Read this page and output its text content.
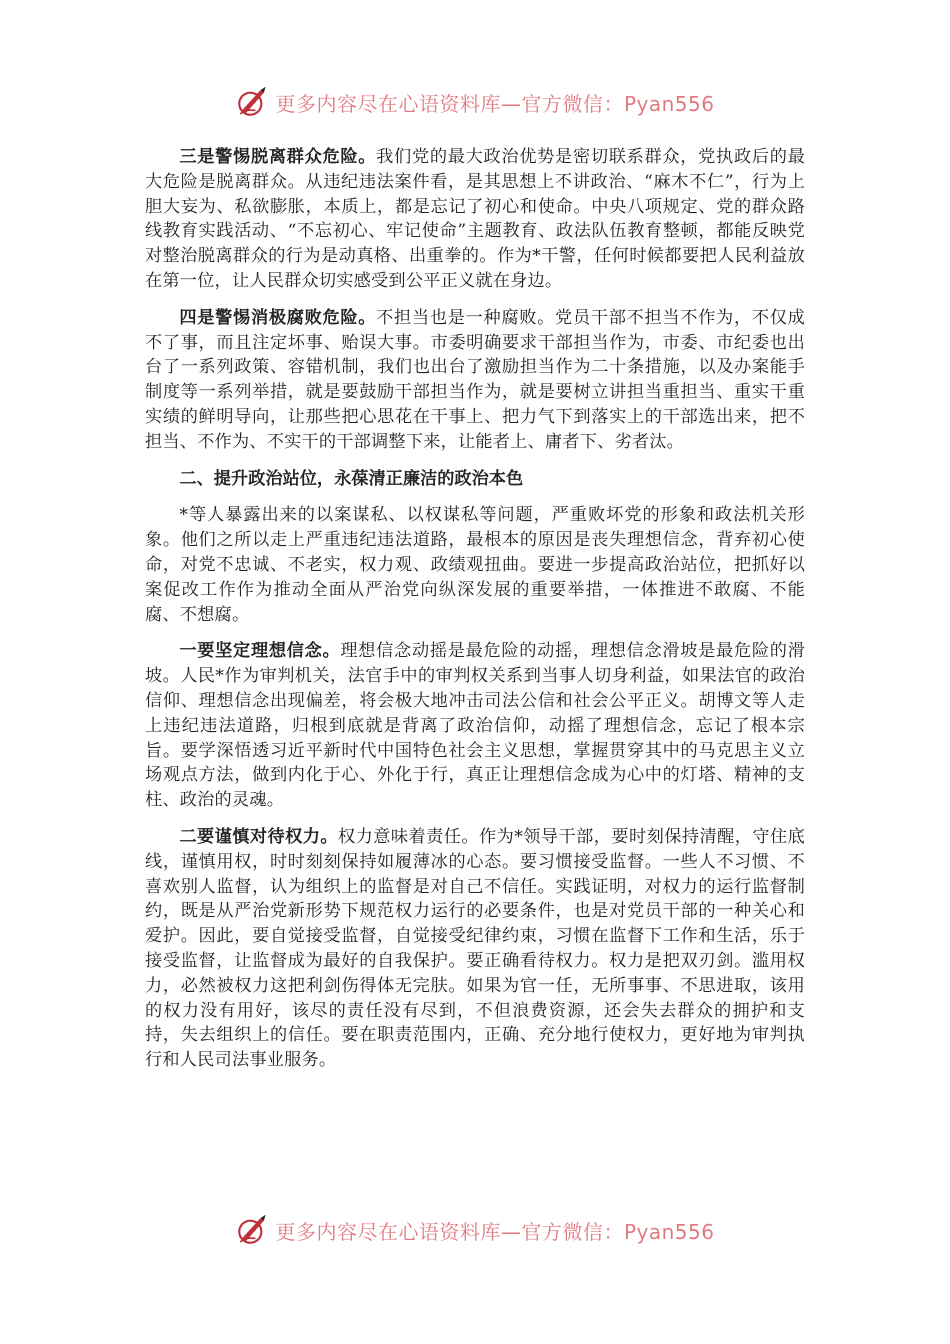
更多内容尽在心语资料库—官方微信：Pyan556

三是警惕脱离群众危险。我们党的最大政治优势是密切联系群众，党执政后的最大危险是脱离群众。从违纪违法案件看，是其思想上不讲政治、“麻木不仁”，行为上胆大妄为、私欲膨胀，本质上，都是忘记了初心和使命。中央八项规定、党的群众路线教育实践活动、“不忘初心、牢记使命”主题教育、政法队伍教育整顿，都能反映党对整治脱离群众的行为是动真格、出重拳的。作为*干警，任何时候都要把人民利益放在第一位，让人民群众切实感受到公平正义就在身边。

四是警惕消极腐败危险。不担当也是一种腐败。党员干部不担当不作为，不仅成不了事，而且注定坏事、贻误大事。市委明确要求干部担当作为，市委、市纪委也出台了一系列政策、容错机制，我们也出台了激励担当作为二十条措施，以及办案能手制度等一系列举措，就是要鼓励干部担当作为，就是要树立讲担当重担当、重实干重实绩的鲜明导向，让那些把心思花在干事上、把力气下到落实上的干部选出来，把不担当、不作为、不实干的干部调整下来，让能者上、庸者下、劣者汰。

二、提升政治站位，永葆清正廉洁的政治本色

*等人暴露出来的以案谋私、以权谋私等问题，严重败坏党的形象和政法机关形象。他们之所以走上严重违纪违法道路，最根本的原因是丧失理想信念，背弃初心使命，对党不忠诚、不老实，权力观、政绩观扭曲。要进一步提高政治站位，把抓好以案促改工作作为推动全面从严治党向纵深发展的重要举措，一体推进不敢腐、不能腐、不想腐。

一要坚定理想信念。理想信念动摇是最危险的动摇，理想信念滑坡是最危险的滑坡。人民*作为审判机关，法官手中的审判权关系到当事人切身利益，如果法官的政治信仰、理想信念出现偏差，将会极大地冲击司法公信和社会公平正义。胡博文等人走上违纪违法道路，归根到底就是背离了政治信仰，动摇了理想信念，忘记了根本宗旨。要学深悟透习近平新时代中国特色社会主义思想，掌握贯穿其中的马克思主义立场观点方法，做到内化于心、外化于行，真正让理想信念成为心中的灯塔、精神的支柱、政治的灵魂。

二要谨慎对待权力。权力意味着责任。作为*领导干部，要时刻保持清醒，守住底线，谨慎用权，时时刻刻保持如履薄冰的心态。要习惯接受监督。一些人不习惯、不喜欢别人监督，认为组织上的监督是对自己不信任。实践证明，对权力的运行监督制约，既是从严治党新形势下规范权力运行的必要条件，也是对党员干部的一种关心和爱护。因此，要自觉接受监督，自觉接受纪律约束，习惯在监督下工作和生活，乐于接受监督，让监督成为最好的自我保护。要正确看待权力。权力是把双刃剑。滥用权力，必然被权力这把利剑伤得体无完肤。如果为官一任，无所事事、不思进取，该用的权力没有用好，该尽的责任没有尽到，不但浪费资源，还会失去群众的拥护和支持，失去组织上的信任。要在职责范围内，正确、充分地行使权力，更好地为审判执行和人民司法事业服务。

更多内容尽在心语资料库—官方微信：Pyan556
